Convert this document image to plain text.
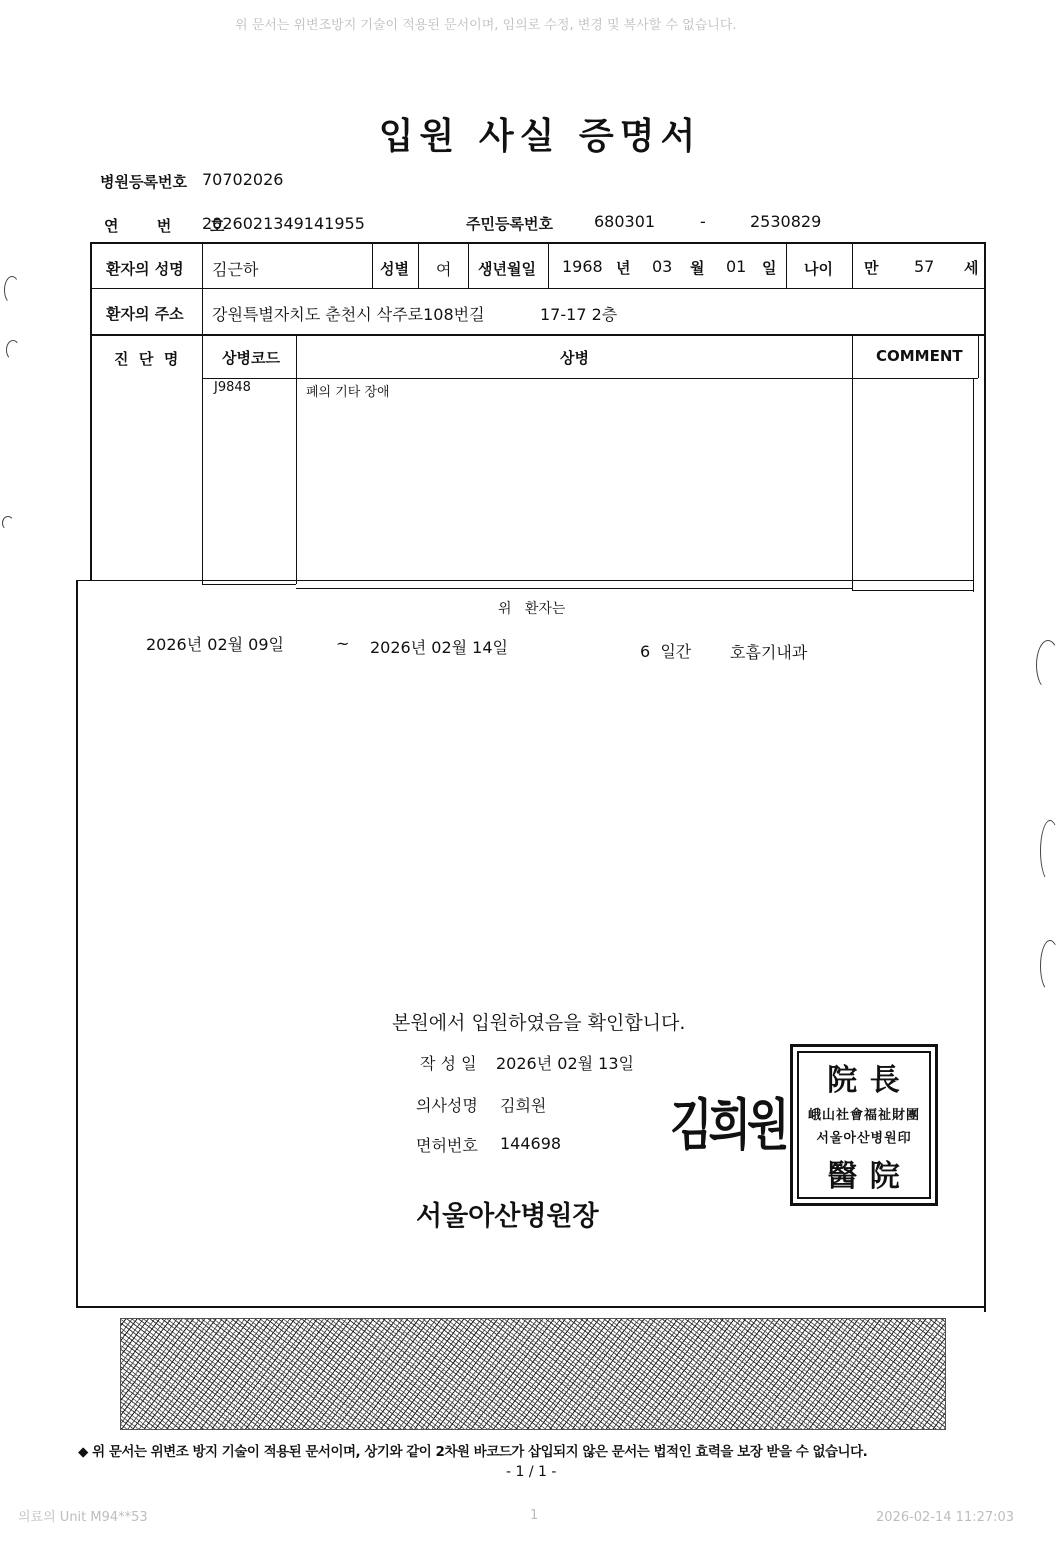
위 문서는 위변조방지 기술이 적용된 문서이며, 임의로 수정, 변경 및 복사할 수 없습니다.
입원 사실 증명서
병원등록번호 70702026
연  번  호
2026021349141955	주민등록번호	680301	-	2530829
환자의 성명 김근하	성별 여 생년월일 1968 년 03 월 01 일 나이 만 57 세
환자의 주소 강원특별자치도 춘천시 삭주로108번길	17-17 2층
진  단  명	상병코드	상병	COMMENT
J9848	폐의 기타 장애
위   환자는
2026년 02월 09일	~ 2026년 02월 14일	6  일간 호흡기내과
본원에서 입원하였음을 확인합니다.
작 성 일 2026년 02월 13일
의사성명 김희원
면허번호 144698 김희원
院 長
峨山社會福祉財團
서울아산병원印
醫 院
서울아산병원장
◆ 위 문서는 위변조 방지 기술이 적용된 문서이며, 상기와 같이 2차원 바코드가 삽입되지 않은 문서는 법적인 효력을 보장 받을 수 없습니다.
- 1 / 1 -
의료의 Unit M94**53	1	2026-02-14 11:27:03
